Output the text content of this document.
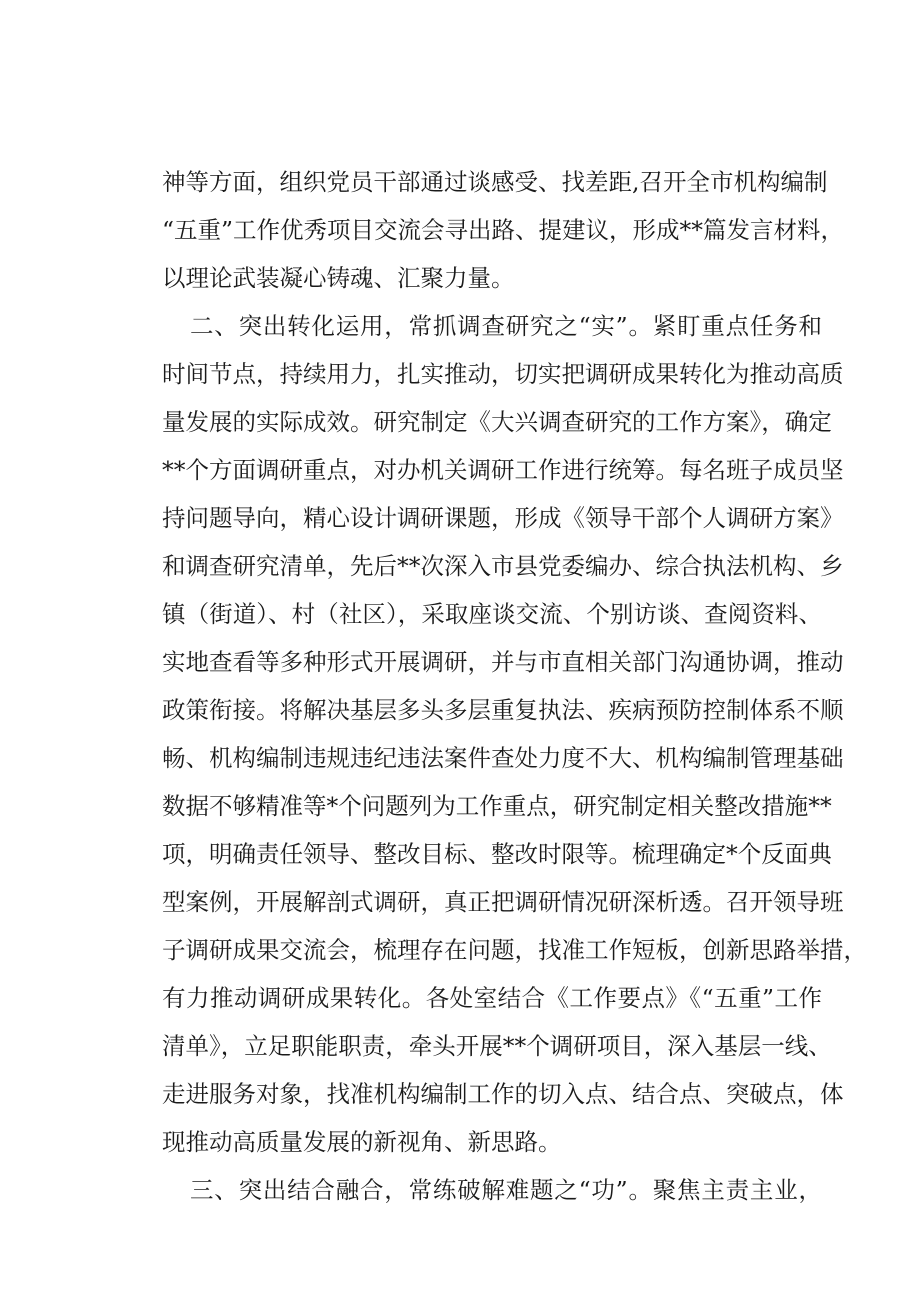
神等方面，组织党员干部通过谈感受、找差距,召开全市机构编制
“五重”工作优秀项目交流会寻出路、提建议，形成**篇发言材料，
以理论武装凝心铸魂、汇聚力量。
二、突出转化运用，常抓调查研究之“实”。紧盯重点任务和
时间节点，持续用力，扎实推动，切实把调研成果转化为推动高质
量发展的实际成效。研究制定《大兴调查研究的工作方案》，确定
**个方面调研重点，对办机关调研工作进行统筹。每名班子成员坚
持问题导向，精心设计调研课题，形成《领导干部个人调研方案》
和调查研究清单，先后**次深入市县党委编办、综合执法机构、乡
镇（街道）、村（社区），采取座谈交流、个别访谈、查阅资料、
实地查看等多种形式开展调研，并与市直相关部门沟通协调，推动
政策衔接。将解决基层多头多层重复执法、疾病预防控制体系不顺
畅、机构编制违规违纪违法案件查处力度不大、机构编制管理基础
数据不够精准等*个问题列为工作重点，研究制定相关整改措施**
项，明确责任领导、整改目标、整改时限等。梳理确定*个反面典
型案例，开展解剖式调研，真正把调研情况研深析透。召开领导班
子调研成果交流会，梳理存在问题，找准工作短板，创新思路举措，
有力推动调研成果转化。各处室结合《工作要点》《“五重”工作
清单》，立足职能职责，牵头开展**个调研项目，深入基层一线、
走进服务对象，找准机构编制工作的切入点、结合点、突破点，体
现推动高质量发展的新视角、新思路。
三、突出结合融合，常练破解难题之“功”。聚焦主责主业，
